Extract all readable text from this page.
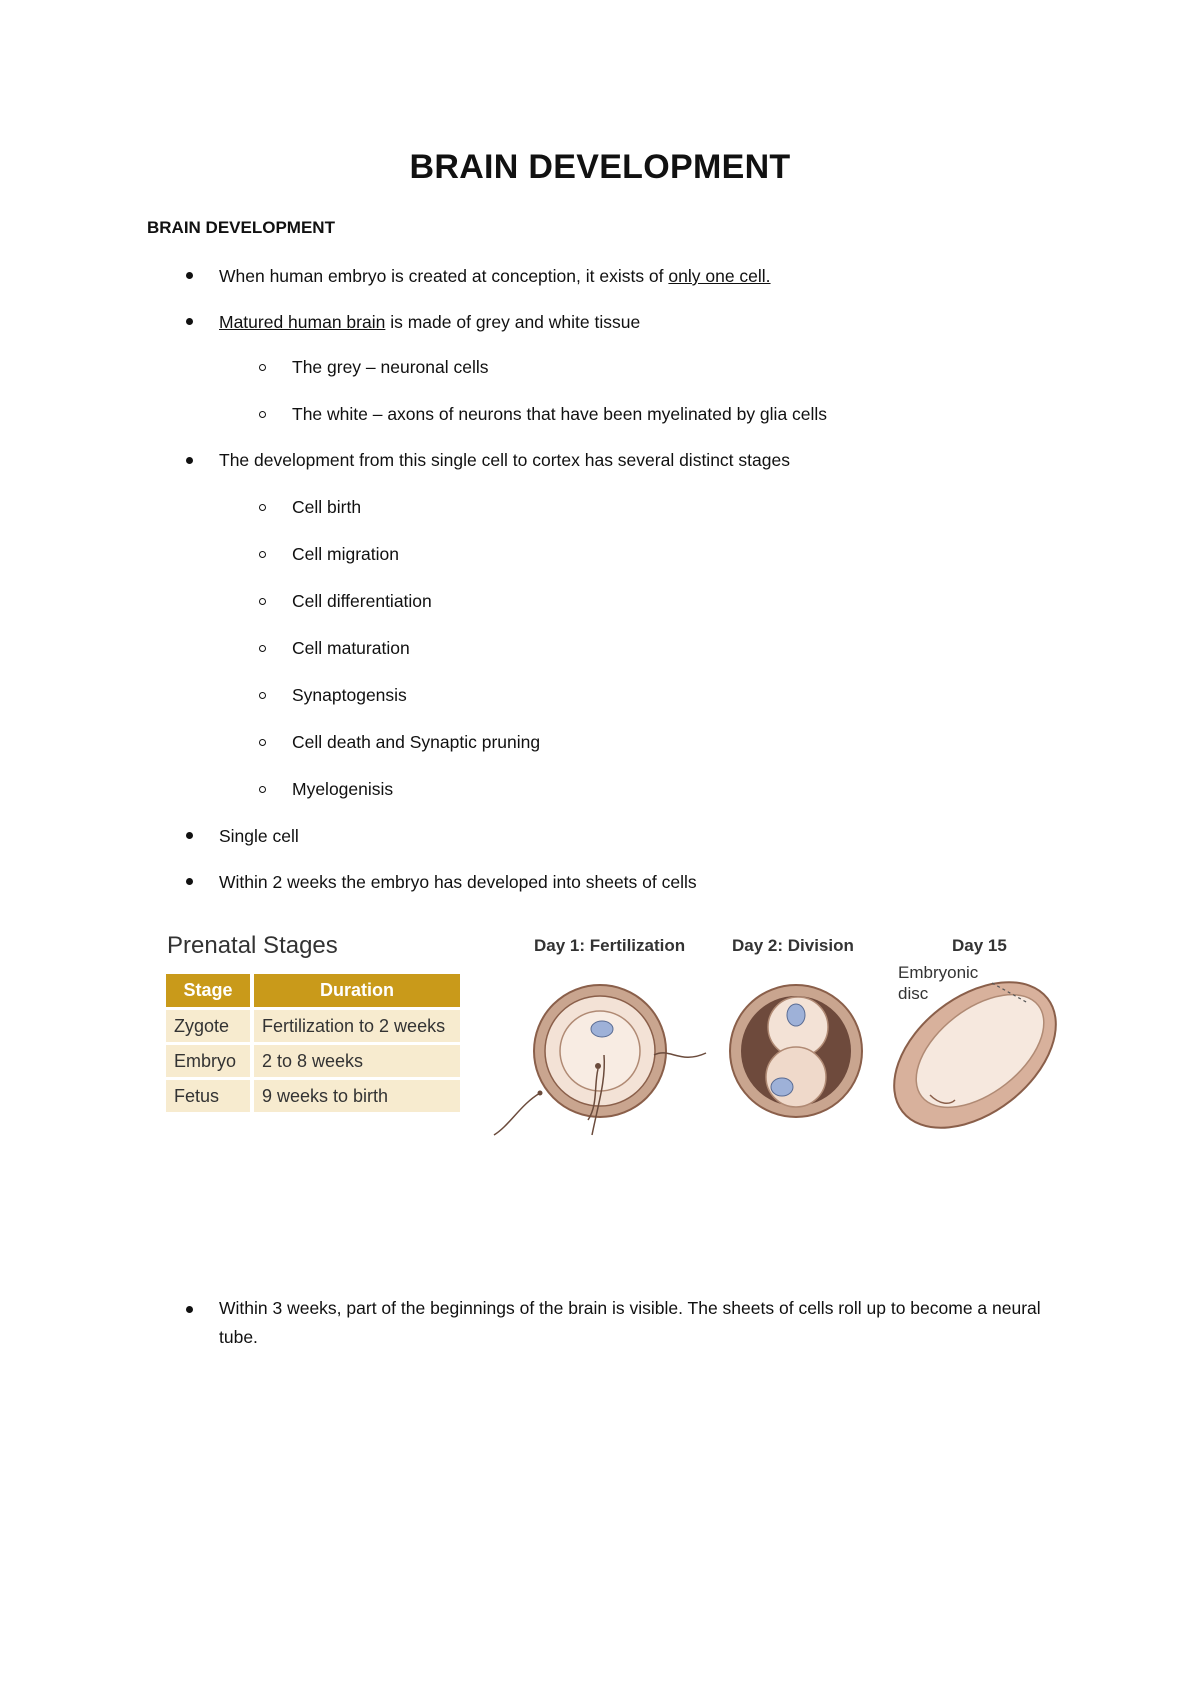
BRAIN DEVELOPMENT
BRAIN DEVELOPMENT
When human embryo is created at conception, it exists of only one cell.
Matured human brain is made of grey and white tissue
The grey – neuronal cells
The white – axons of neurons that have been myelinated by glia cells
The development from this single cell to cortex has several distinct stages
Cell birth
Cell migration
Cell differentiation
Cell maturation
Synaptogensis
Cell death and Synaptic pruning
Myelogenisis
Single cell
Within 2 weeks the embryo has developed into sheets of cells
Prenatal Stages
Stage	Duration
Zygote	Fertilization to 2 weeks
Embryo	2 to 8 weeks
Fetus	9 weeks to birth
Day 1: Fertilization	Day 2: Division	Day 15
Embryonic
disc
Within 3 weeks, part of the beginnings of the brain is visible. The sheets of cells roll up to become a neural tube.
